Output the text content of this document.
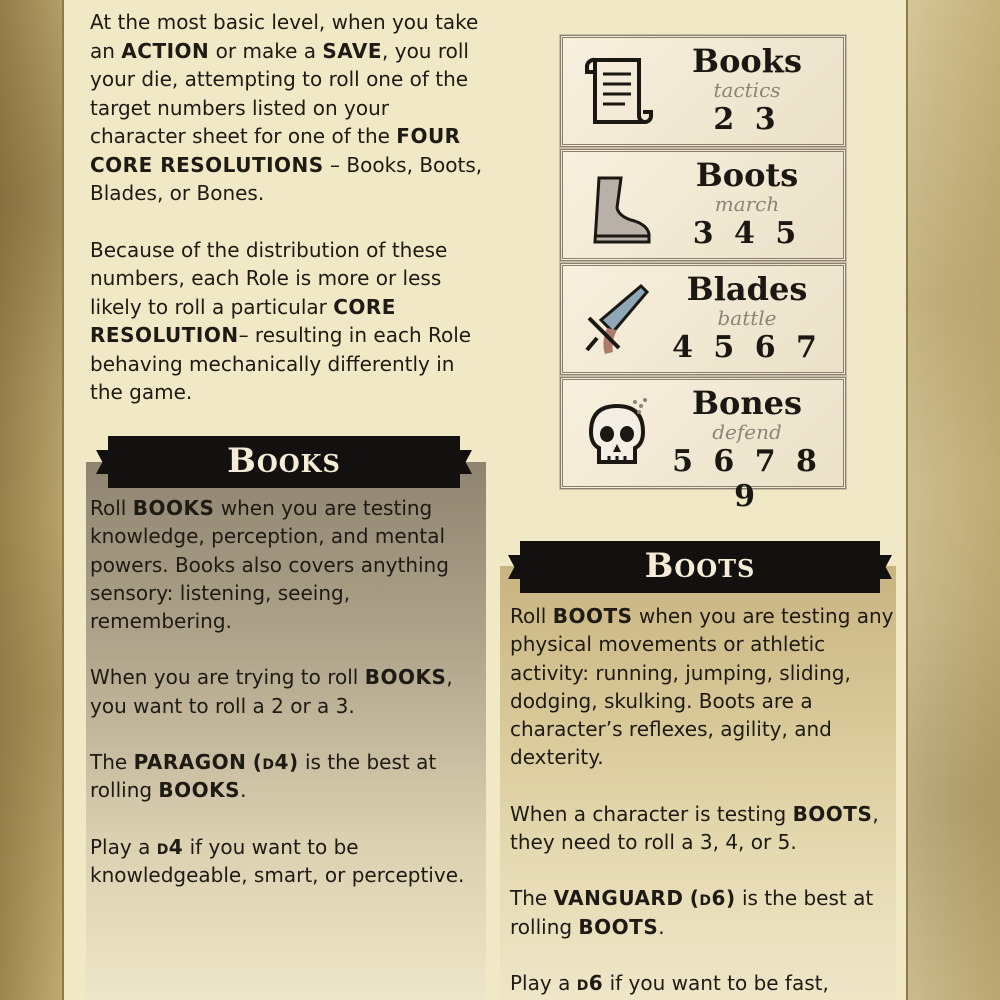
At the most basic level, when you take an ACTION or make a SAVE, you roll your die, attempting to roll one of the target numbers listed on your character sheet for one of the FOUR CORE RESOLUTIONS – Books, Boots, Blades, or Bones.

Because of the distribution of these numbers, each Role is more or less likely to roll a particular CORE RESOLUTION– resulting in each Role behaving mechanically differently in the game.

Books
tactics
2 3
Boots
march
3 4 5
Blades
battle
4 5 6 7
Bones
defend
5 6 7 8 9
Books

Roll BOOKS when you are testing knowledge, perception, and mental powers. Books also covers anything sensory: listening, seeing, remembering.

When you are trying to roll BOOKS, you want to roll a 2 or a 3.

The PARAGON (d4) is the best at rolling BOOKS.

Play a d4 if you want to be knowledgeable, smart, or perceptive.

Boots

Roll BOOTS when you are testing any physical movements or athletic activity: running, jumping, sliding, dodging, skulking. Boots are a character’s reflexes, agility, and dexterity.

When a character is testing BOOTS, they need to roll a 3, 4, or 5.

The VANGUARD (d6) is the best at rolling BOOTS.

Play a d6 if you want to be fast,
